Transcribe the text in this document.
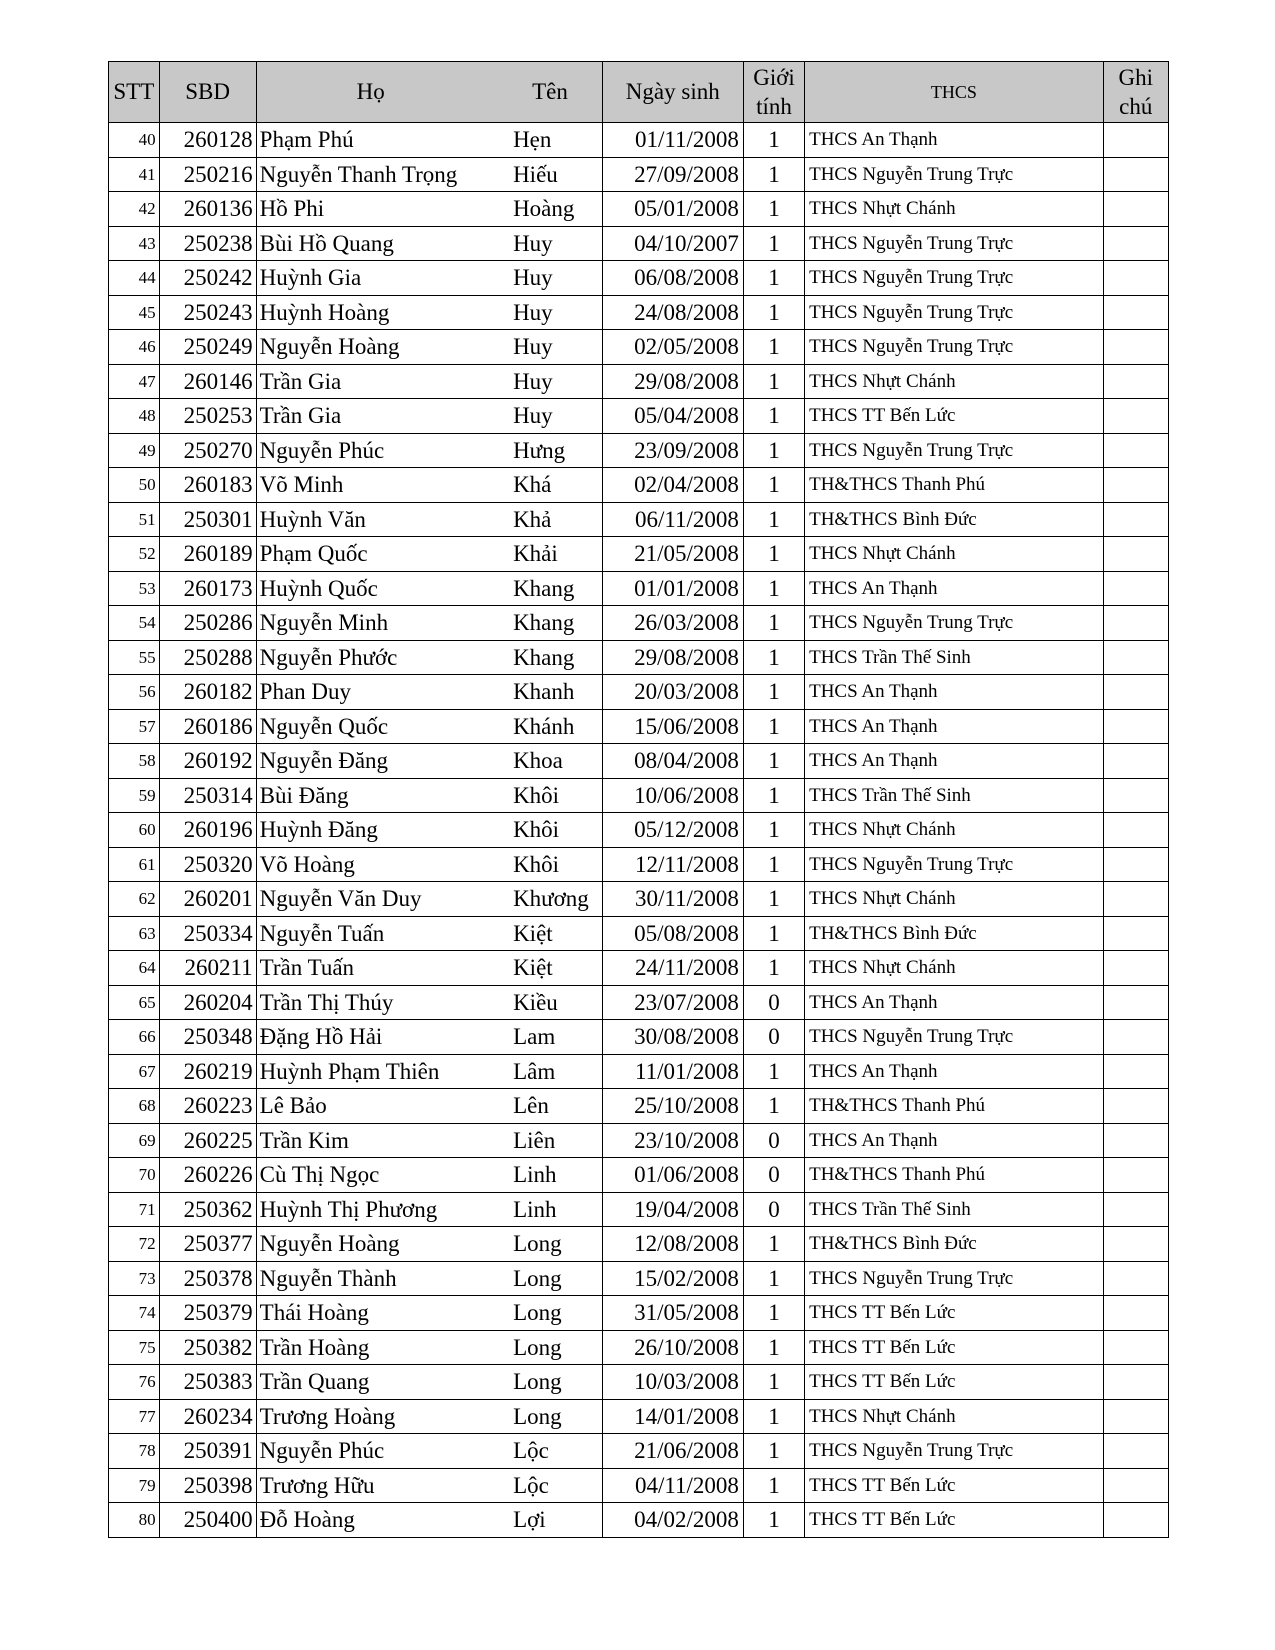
STT	SBD	Họ	Tên	Ngày sinh	Giới tính	THCS	Ghi chú
40	260128	Phạm Phú	Hẹn	01/11/2008	1	THCS An Thạnh	
41	250216	Nguyễn Thanh Trọng	Hiếu	27/09/2008	1	THCS Nguyễn Trung Trực	
42	260136	Hồ Phi	Hoàng	05/01/2008	1	THCS Nhựt Chánh	
43	250238	Bùi Hồ Quang	Huy	04/10/2007	1	THCS Nguyễn Trung Trực	
44	250242	Huỳnh Gia	Huy	06/08/2008	1	THCS Nguyễn Trung Trực	
45	250243	Huỳnh Hoàng	Huy	24/08/2008	1	THCS Nguyễn Trung Trực	
46	250249	Nguyễn Hoàng	Huy	02/05/2008	1	THCS Nguyễn Trung Trực	
47	260146	Trần Gia	Huy	29/08/2008	1	THCS Nhựt Chánh	
48	250253	Trần Gia	Huy	05/04/2008	1	THCS TT Bến Lức	
49	250270	Nguyễn Phúc	Hưng	23/09/2008	1	THCS Nguyễn Trung Trực	
50	260183	Võ Minh	Khá	02/04/2008	1	TH&THCS Thanh Phú	
51	250301	Huỳnh Văn	Khả	06/11/2008	1	TH&THCS Bình Đức	
52	260189	Phạm Quốc	Khải	21/05/2008	1	THCS Nhựt Chánh	
53	260173	Huỳnh Quốc	Khang	01/01/2008	1	THCS An Thạnh	
54	250286	Nguyễn Minh	Khang	26/03/2008	1	THCS Nguyễn Trung Trực	
55	250288	Nguyễn Phước	Khang	29/08/2008	1	THCS Trần Thế Sinh	
56	260182	Phan Duy	Khanh	20/03/2008	1	THCS An Thạnh	
57	260186	Nguyễn Quốc	Khánh	15/06/2008	1	THCS An Thạnh	
58	260192	Nguyễn Đăng	Khoa	08/04/2008	1	THCS An Thạnh	
59	250314	Bùi Đăng	Khôi	10/06/2008	1	THCS Trần Thế Sinh	
60	260196	Huỳnh Đăng	Khôi	05/12/2008	1	THCS Nhựt Chánh	
61	250320	Võ Hoàng	Khôi	12/11/2008	1	THCS Nguyễn Trung Trực	
62	260201	Nguyễn Văn Duy	Khương	30/11/2008	1	THCS Nhựt Chánh	
63	250334	Nguyễn Tuấn	Kiệt	05/08/2008	1	TH&THCS Bình Đức	
64	260211	Trần Tuấn	Kiệt	24/11/2008	1	THCS Nhựt Chánh	
65	260204	Trần Thị Thúy	Kiều	23/07/2008	0	THCS An Thạnh	
66	250348	Đặng Hồ Hải	Lam	30/08/2008	0	THCS Nguyễn Trung Trực	
67	260219	Huỳnh Phạm Thiên	Lâm	11/01/2008	1	THCS An Thạnh	
68	260223	Lê Bảo	Lên	25/10/2008	1	TH&THCS Thanh Phú	
69	260225	Trần Kim	Liên	23/10/2008	0	THCS An Thạnh	
70	260226	Cù Thị Ngọc	Linh	01/06/2008	0	TH&THCS Thanh Phú	
71	250362	Huỳnh Thị Phương	Linh	19/04/2008	0	THCS Trần Thế Sinh	
72	250377	Nguyễn Hoàng	Long	12/08/2008	1	TH&THCS Bình Đức	
73	250378	Nguyễn Thành	Long	15/02/2008	1	THCS Nguyễn Trung Trực	
74	250379	Thái Hoàng	Long	31/05/2008	1	THCS TT Bến Lức	
75	250382	Trần Hoàng	Long	26/10/2008	1	THCS TT Bến Lức	
76	250383	Trần Quang	Long	10/03/2008	1	THCS TT Bến Lức	
77	260234	Trương Hoàng	Long	14/01/2008	1	THCS Nhựt Chánh	
78	250391	Nguyễn Phúc	Lộc	21/06/2008	1	THCS Nguyễn Trung Trực	
79	250398	Trương Hữu	Lộc	04/11/2008	1	THCS TT Bến Lức	
80	250400	Đỗ Hoàng	Lợi	04/02/2008	1	THCS TT Bến Lức	
